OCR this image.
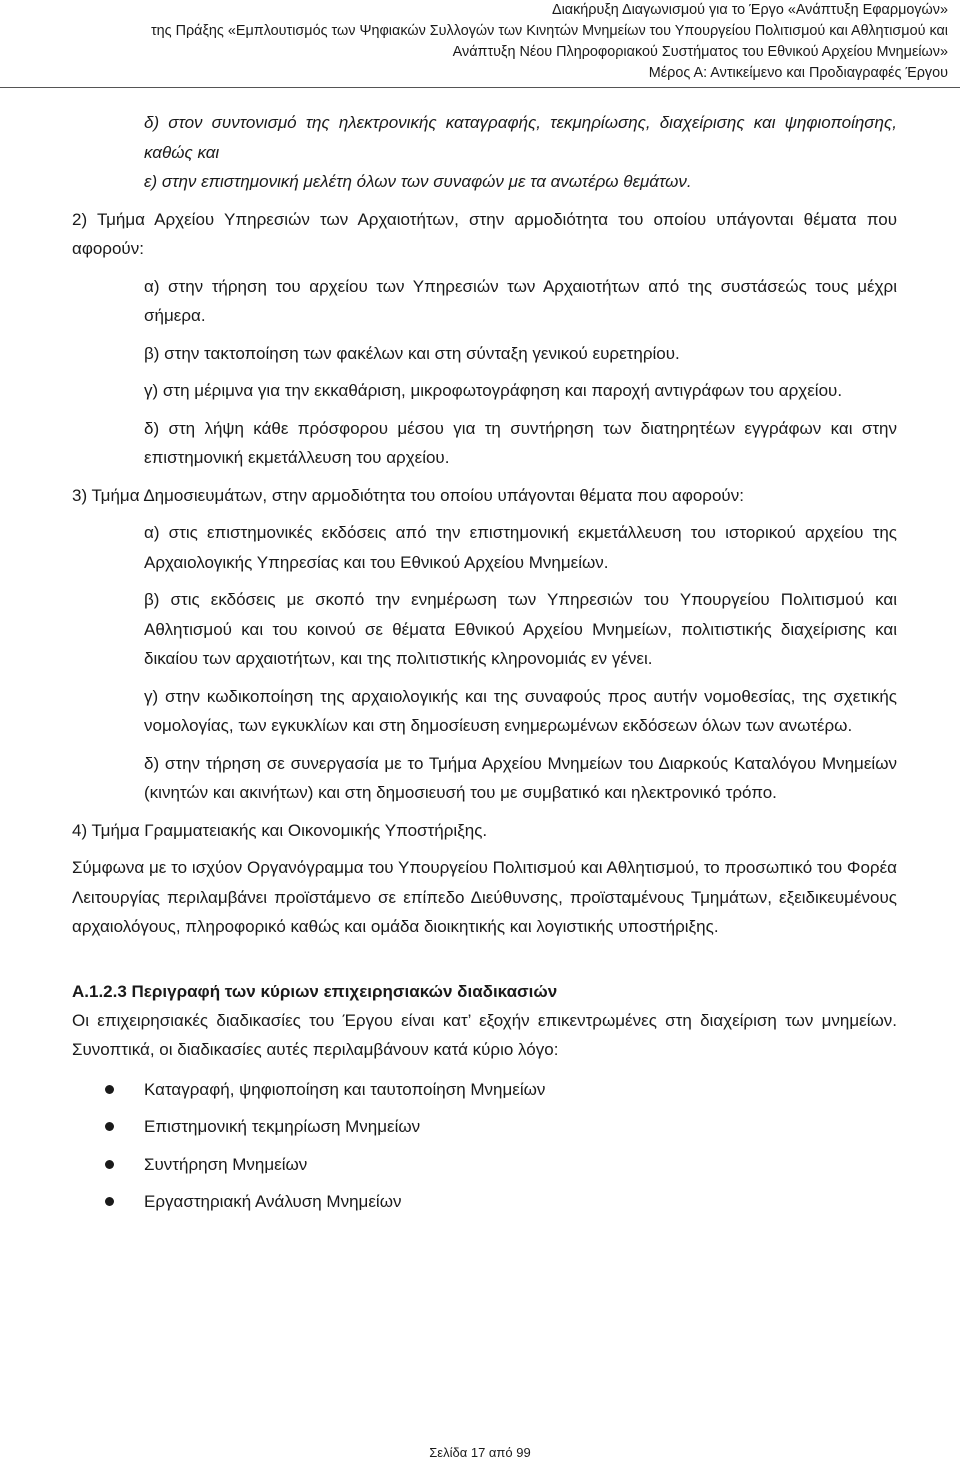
Διακήρυξη Διαγωνισμού για το Έργο «Ανάπτυξη Εφαρμογών»
της Πράξης «Εμπλουτισμός των Ψηφιακών Συλλογών των Κινητών Μνημείων του Υπουργείου Πολιτισμού και Αθλητισμού και
Ανάπτυξη Νέου Πληροφοριακού Συστήματος του Εθνικού Αρχείου Μνημείων»
Μέρος Α: Αντικείμενο και Προδιαγραφές Έργου

δ) στον συντονισμό της ηλεκτρονικής καταγραφής, τεκμηρίωσης, διαχείρισης και ψηφιοποίησης, καθώς και

ε) στην επιστημονική μελέτη όλων των συναφών με τα ανωτέρω θεμάτων.

2) Τμήμα Αρχείου Υπηρεσιών των Αρχαιοτήτων, στην αρμοδιότητα του οποίου υπάγονται θέματα που αφορούν:

α) στην τήρηση του αρχείου των Υπηρεσιών των Αρχαιοτήτων από της συστάσεώς τους μέχρι σήμερα.

β) στην τακτοποίηση των φακέλων και στη σύνταξη γενικού ευρετηρίου.

γ) στη μέριμνα για την εκκαθάριση, μικροφωτογράφηση και παροχή αντιγράφων του αρχείου.

δ) στη λήψη κάθε πρόσφορου μέσου για τη συντήρηση των διατηρητέων εγγράφων και στην επιστημονική εκμετάλλευση του αρχείου.

3) Τμήμα Δημοσιευμάτων, στην αρμοδιότητα του οποίου υπάγονται θέματα που αφορούν:

α) στις επιστημονικές εκδόσεις από την επιστημονική εκμετάλλευση του ιστορικού αρχείου της Αρχαιολογικής Υπηρεσίας και του Εθνικού Αρχείου Μνημείων.

β) στις εκδόσεις με σκοπό την ενημέρωση των Υπηρεσιών του Υπουργείου Πολιτισμού και Αθλητισμού και του κοινού σε θέματα Εθνικού Αρχείου Μνημείων, πολιτιστικής διαχείρισης και δικαίου των αρχαιοτήτων, και της πολιτιστικής κληρονομιάς εν γένει.

γ) στην κωδικοποίηση της αρχαιολογικής και της συναφούς προς αυτήν νομοθεσίας, της σχετικής νομολογίας, των εγκυκλίων και στη δημοσίευση ενημερωμένων εκδόσεων όλων των ανωτέρω.

δ) στην τήρηση σε συνεργασία με το Τμήμα Αρχείου Μνημείων του Διαρκούς Καταλόγου Μνημείων (κινητών και ακινήτων) και στη δημοσιευσή του με συμβατικό και ηλεκτρονικό τρόπο.

4) Τμήμα Γραμματειακής και Οικονομικής Υποστήριξης.

Σύμφωνα με το ισχύον Οργανόγραμμα του Υπουργείου Πολιτισμού και Αθλητισμού, το προσωπικό του Φορέα Λειτουργίας περιλαμβάνει προϊστάμενο σε επίπεδο Διεύθυνσης, προϊσταμένους Τμημάτων, εξειδικευμένους αρχαιολόγους, πληροφορικό καθώς και ομάδα διοικητικής και λογιστικής υποστήριξης.

Α.1.2.3 Περιγραφή των κύριων επιχειρησιακών διαδικασιών

Οι επιχειρησιακές διαδικασίες του Έργου είναι κατ’ εξοχήν επικεντρωμένες στη διαχείριση των μνημείων. Συνοπτικά, οι διαδικασίες αυτές περιλαμβάνουν κατά κύριο λόγο:

Καταγραφή, ψηφιοποίηση και ταυτοποίηση Μνημείων
Επιστημονική τεκμηρίωση Μνημείων
Συντήρηση Μνημείων
Εργαστηριακή Ανάλυση Μνημείων
Σελίδα 17 από 99
